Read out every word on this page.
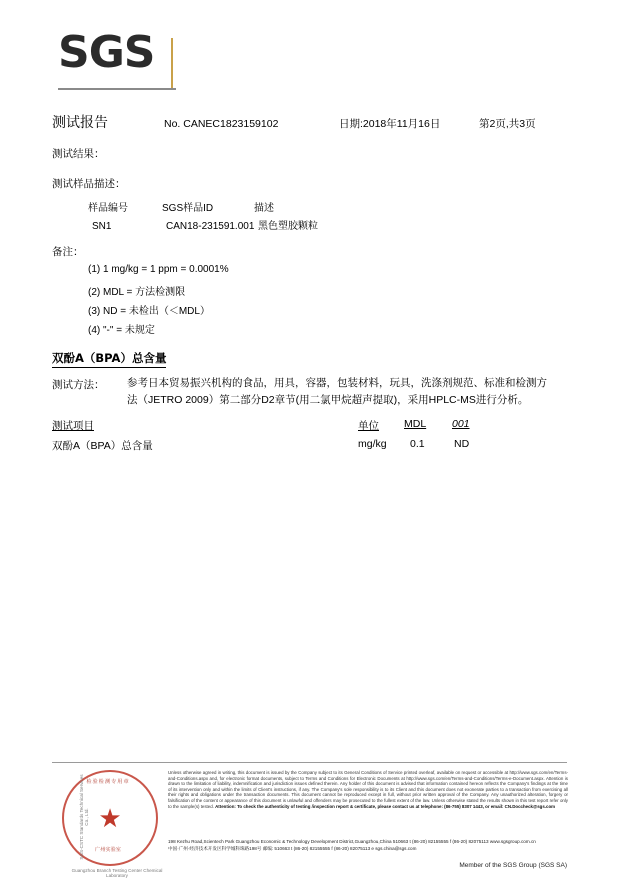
SGS
测试报告	No. CANEC1823159102	日期:2018年11月16日	第2页,共3页
测试结果：
测试样品描述：
样品编号	SGS样品ID	描述
SN1	CAN18-231591.001 黑色塑胶颗粒
备注：
(1) 1 mg/kg = 1 ppm = 0.0001%
(2) MDL = 方法检测限
(3) ND = 未检出（＜MDL）
(4) "-" = 未规定
双酚A（BPA）总含量
测试方法： 参考日本贸易振兴机构的食品，用具，容器，包装材料，玩具，洗涤剂规范、标准和检测方法（JETRO 2009）第二部分D2章节(用二氯甲烷超声提取)，采用HPLC-MS进行分析。
测试项目	单位 MDL 001
双酚A（BPA）总含量	mg/kg 0.1	ND
★
检验检测专用章
广州实验室
SGS-CSTC Standards Technical Services Co., Ltd.
Guangzhou Branch Testing Center Chemical Laboratory
Unless otherwise agreed in writing, this document is issued by the Company subject to its General Conditions of Service printed overleaf, available on request or accessible at http://www.sgs.com/en/Terms-and-Conditions.aspx and, for electronic format documents, subject to Terms and Conditions for Electronic Documents at http://www.sgs.com/en/Terms-and-Conditions/Terms-e-Document.aspx. Attention is drawn to the limitation of liability, indemnification and jurisdiction issues defined therein. Any holder of this document is advised that information contained hereon reflects the Company's findings at the time of its intervention only and within the limits of Client's instructions, if any. The Company's sole responsibility is to its Client and this document does not exonerate parties to a transaction from exercising all their rights and obligations under the transaction documents. This document cannot be reproduced except in full, without prior written approval of the Company. Any unauthorized alteration, forgery or falsification of the content or appearance of this document is unlawful and offenders may be prosecuted to the fullest extent of the law. Unless otherwise stated the results shown in this test report refer only to the sample(s) tested. Attention: To check the authenticity of testing /inspection report & certificate, please contact us at telephone: (86-755) 8307 1443, or email: CN.Doccheck@sgs.com
198 Kezhu Road,Scientech Park Guangzhou Economic & Technology Development District,Guangzhou,China 510663 t (86-20) 82155555 f (86-20) 82075113 www.sgsgroup.com.cn
中国·广州·经济技术开发区科学城科珠路198号 邮编: 510663 t (86-20) 82155555 f (86-20) 82075113 e sgs.china@sgs.com
Member of the SGS Group (SGS SA)
